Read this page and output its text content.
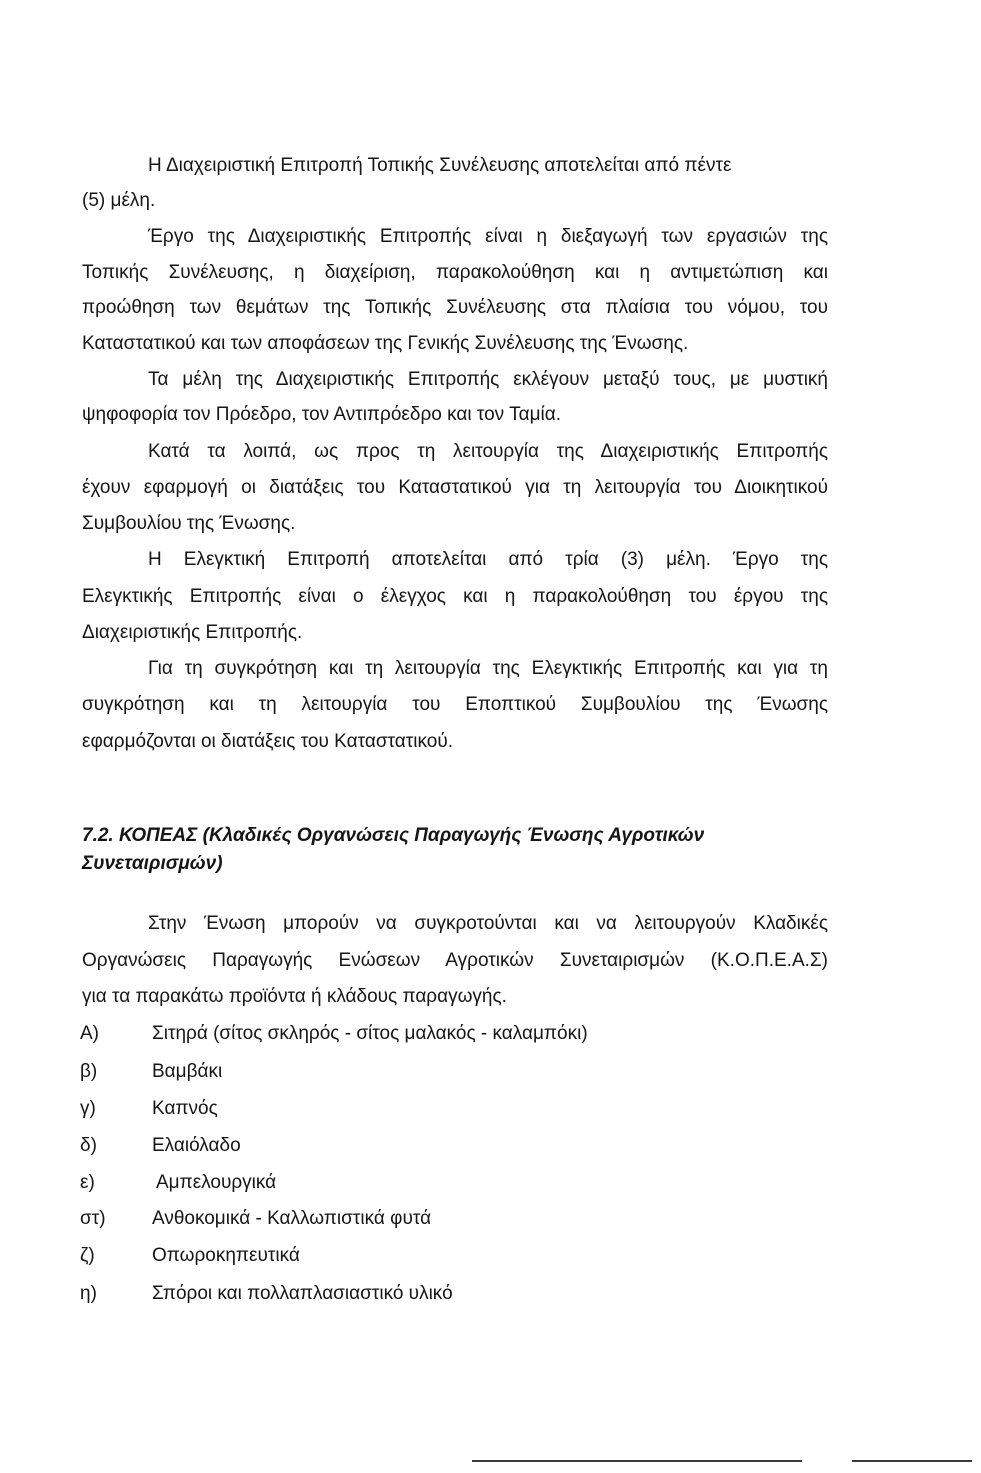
Η Διαχειριστική Επιτροπή Τοπικής Συνέλευσης αποτελείται από πέντε
(5) μέλη.
Έργο της Διαχειριστικής Επιτροπής είναι η διεξαγωγή των εργασιών της
Τοπικής Συνέλευσης, η διαχείριση, παρακολούθηση και η αντιμετώπιση και
προώθηση των θεμάτων της Τοπικής Συνέλευσης στα πλαίσια του νόμου, του
Καταστατικού και των αποφάσεων της Γενικής Συνέλευσης της Ένωσης.
Τα μέλη της Διαχειριστικής Επιτροπής εκλέγουν μεταξύ τους, με μυστική
ψηφοφορία τον Πρόεδρο, τον Αντιπρόεδρο και τον Ταμία.
Κατά τα λοιπά, ως προς τη λειτουργία της Διαχειριστικής Επιτροπής
έχουν εφαρμογή οι διατάξεις του Καταστατικού για τη λειτουργία του Διοικητικού
Συμβουλίου της Ένωσης.
Η Ελεγκτική Επιτροπή αποτελείται από τρία (3) μέλη. Έργο της
Ελεγκτικής Επιτροπής είναι ο έλεγχος και η παρακολούθηση του έργου της
Διαχειριστικής Επιτροπής.
Για τη συγκρότηση και τη λειτουργία της Ελεγκτικής Επιτροπής και για τη
συγκρότηση και τη λειτουργία του Εποπτικού Συμβουλίου της Ένωσης
εφαρμόζονται οι διατάξεις του Καταστατικού.
7.2. ΚΟΠΕΑΣ (Κλαδικές Οργανώσεις Παραγωγής Ένωσης Αγροτικών
Συνεταιρισμών)
Στην Ένωση μπορούν να συγκροτούνται και να λειτουργούν Κλαδικές
Οργανώσεις Παραγωγής Ενώσεων Αγροτικών Συνεταιρισμών (Κ.Ο.Π.Ε.Α.Σ)
για τα παρακάτω προϊόντα ή κλάδους παραγωγής.
Α)	Σιτηρά (σίτος σκληρός - σίτος μαλακός - καλαμπόκι)
β)	Βαμβάκι
γ)	Καπνός
δ)	Ελαιόλαδο
ε)	Αμπελουργικά
στ) Ανθοκομικά - Καλλωπιστικά φυτά
ζ)	Οπωροκηπευτικά
η)	Σπόροι και πολλαπλασιαστικό υλικό
